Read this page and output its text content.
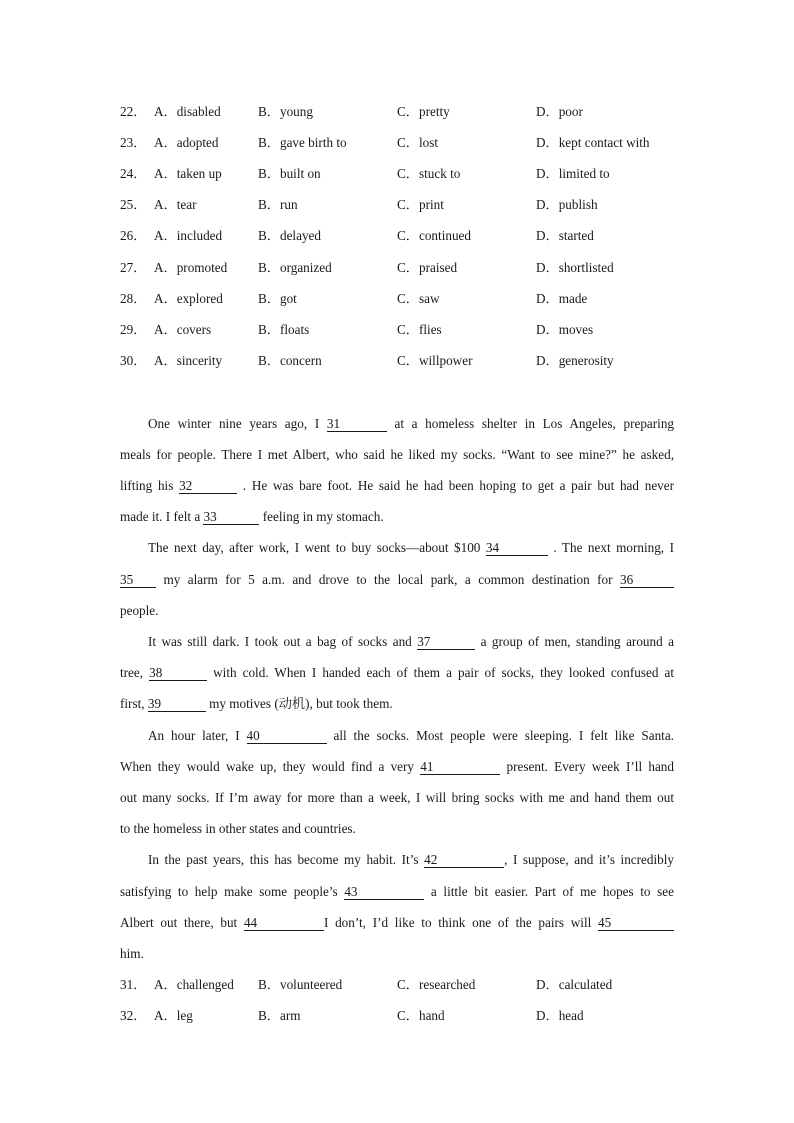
22． A．disabled	B．young	C．pretty	D．poor
23． A．adopted	B．gave birth to	C．lost	D．kept contact with
24． A．taken up	B．built on	C．stuck to	D．limited to
25． A．tear	B．run	C．print	D．publish
26． A．included	B．delayed	C．continued	D．started
27． A．promoted B．organized	C．praised	D．shortlisted
28． A．explored	B．got	C．saw	D．made
29． A．covers	B．floats	C．flies	D．moves
30． A．sincerity	B．concern	C．willpower	D．generosity
One winter nine years ago, I 31	at a homeless shelter in Los Angeles, preparing
meals for people. There I met Albert, who said he liked my socks. “Want to see mine?” he asked,
lifting his 32	. He was bare foot. He said he had been hoping to get a pair but had never
made it. I felt a 33	feeling in my stomach.
The next day, after work, I went to buy socks—about $100 34	. The next morning, I
35 my alarm for 5 a.m. and drove to the local park, a common destination for 36
people.
It was still dark. I took out a bag of socks and 37	a group of men, standing around a
tree, 38	with cold. When I handed each of them a pair of socks, they looked confused at
first, 39	my motives (动机), but took them.
An hour later, I 40	all the socks. Most people were sleeping. I felt like Santa.
When they would wake up, they would find a very 41	present. Every week I’ll hand
out many socks. If I’m away for more than a week, I will bring socks with me and hand them out
to the homeless in other states and countries.
In the past years, this has become my habit. It’s 42	, I suppose, and it’s incredibly
satisfying to help make some people’s 43	a little bit easier. Part of me hopes to see
Albert out there, but 44	I don’t, I’d like to think one of the pairs will 45
him.
31． A．challenged B．volunteered	C．researched	D．calculated
32． A．leg	B．arm	C．hand	D．head
